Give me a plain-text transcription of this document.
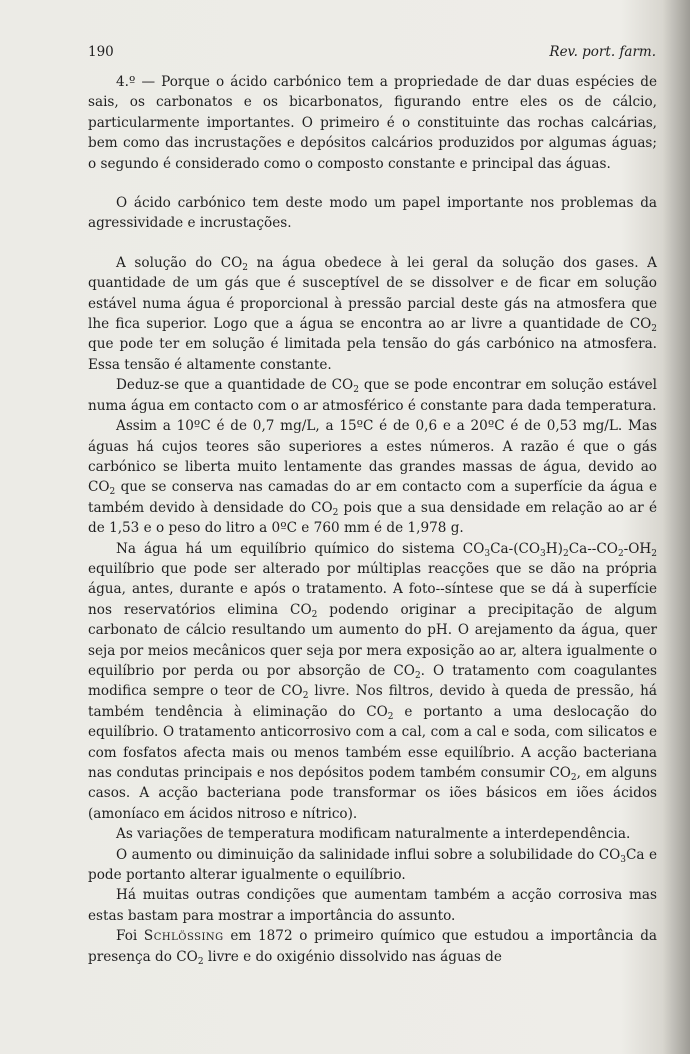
190	Rev. port. farm.

4.º — Porque o ácido carbónico tem a propriedade de dar duas espécies de sais, os carbonatos e os bicarbonatos, figurando entre eles os de cálcio, particularmente importantes. O primeiro é o constituinte das rochas calcárias, bem como das incrustações e depósitos calcários produzidos por algumas águas; o segundo é considerado como o composto constante e principal das águas.

O ácido carbónico tem deste modo um papel importante nos problemas da agressividade e incrustações.

A solução do $CO_2$ na água obedece à lei geral da solução dos gases. A quantidade de um gás que é susceptível de se dissolver e de ficar em solução estável numa água é proporcional à pressão parcial deste gás na atmosfera que lhe fica superior. Logo que a água se encontra ao ar livre a quantidade de $CO_2$ que pode ter em solução é limitada pela tensão do gás carbónico na atmosfera. Essa tensão é altamente constante.

Deduz-se que a quantidade de $CO_2$ que se pode encontrar em solução estável numa água em contacto com o ar atmosférico é constante para dada temperatura.

Assim a 10ºC é de 0,7 mg/L, a 15ºC é de 0,6 e a 20ºC é de 0,53 mg/L. Mas águas há cujos teores são superiores a estes números. A razão é que o gás carbónico se liberta muito lentamente das grandes massas de água, devido ao $CO_2$ que se conserva nas camadas do ar em contacto com a superfície da água e também devido à densidade do $CO_2$ pois que a sua densidade em relação ao ar é de 1,53 e o peso do litro a 0ºC e 760 mm é de 1,978 g.

Na água há um equilíbrio químico do sistema $CO_3Ca-(CO_3H)_2Ca--CO_2-OH_2$ equilíbrio que pode ser alterado por múltiplas reacções que se dão na própria água, antes, durante e após o tratamento. A foto--síntese que se dá à superfície nos reservatórios elimina $CO_2$ podendo originar a precipitação de algum carbonato de cálcio resultando um aumento do pH. O arejamento da água, quer seja por meios mecânicos quer seja por mera exposição ao ar, altera igualmente o equilíbrio por perda ou por absorção de $CO_2$. O tratamento com coagulantes modifica sempre o teor de $CO_2$ livre. Nos filtros, devido à queda de pressão, há também tendência à eliminação do $CO_2$ e portanto a uma deslocação do equilíbrio. O tratamento anticorrosivo com a cal, com a cal e soda, com silicatos e com fosfatos afecta mais ou menos também esse equilíbrio. A acção bacteriana nas condutas principais e nos depósitos podem também consumir $CO_2$, em alguns casos. A acção bacteriana pode transformar os iões básicos em iões ácidos (amoníaco em ácidos nitroso e nítrico).

As variações de temperatura modificam naturalmente a interdependência.

O aumento ou diminuição da salinidade influi sobre a solubilidade do $CO_3Ca$ e pode portanto alterar igualmente o equilíbrio.

Há muitas outras condições que aumentam também a acção corrosiva mas estas bastam para mostrar a importância do assunto.

Foi Schlössing em 1872 o primeiro químico que estudou a importância da presença do $CO_2$ livre e do oxigénio dissolvido nas águas de
